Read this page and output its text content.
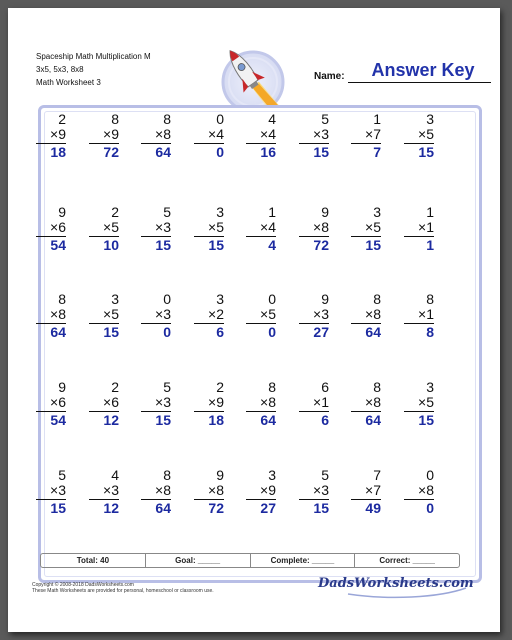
Spaceship Math Multiplication M
3x5, 5x3, 8x8
Math Worksheet 3
Name:	Answer Key
2
×9
18
8
×9
72
8
×8
64
0
×4
0
4
×4
16
5
×3
15
1
×7
7
3
×5
15
9
×6
54
2
×5
10
5
×3
15
3
×5
15
1
×4
4
9
×8
72
3
×5
15
1
×1
1
8
×8
64
3
×5
15
0
×3
0
3
×2
6
0
×5
0
9
×3
27
8
×8
64
8
×1
8
9
×6
54
2
×6
12
5
×3
15
2
×9
18
8
×8
64
6
×1
6
8
×8
64
3
×5
15
5
×3
15
4
×3
12
8
×8
64
9
×8
72
3
×9
27
5
×3
15
7
×7
49
0
×8
0
Total: 40	Goal: _____	Complete: _____	Correct: _____
Copyright © 2008-2018 DadsWorksheets.com
These Math Worksheets are provided for personal, homeschool or classroom use.	DadsWorksheets.com
